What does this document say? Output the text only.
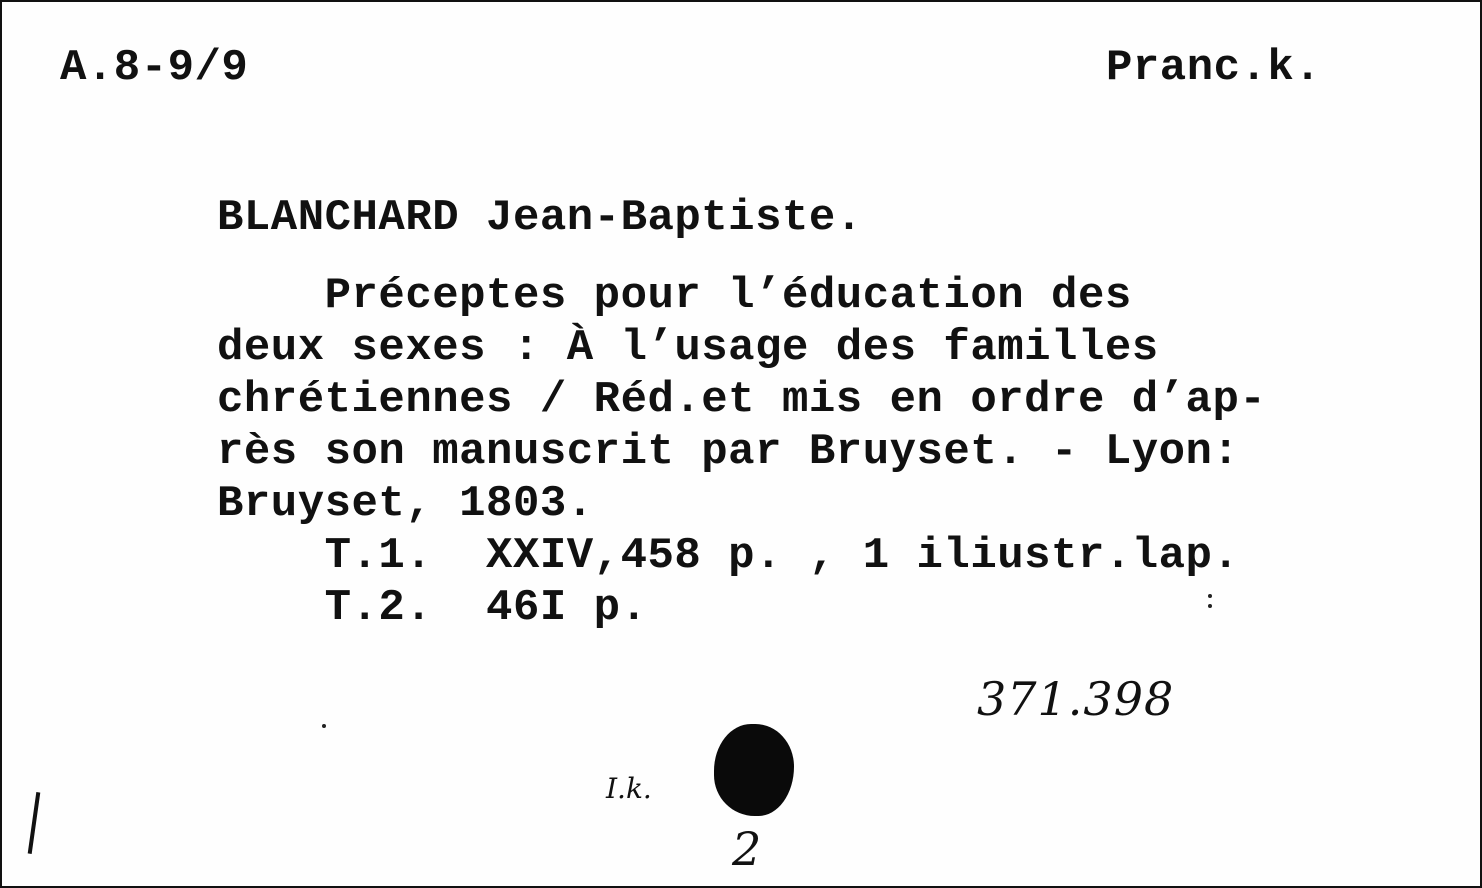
A.8-9/9	Pranc.k.
BLANCHARD Jean-Baptiste.
Préceptes pour l’éducation des
deux sexes : À l’usage des familles
chrétiennes / Réd.et mis en ordre d’ap-
rès son manuscrit par Bruyset. - Lyon:
Bruyset, 1803.
T.1.  XXIV,458 p. , 1 iliustr.lap.
T.2.  46I p.
371.398
I.k.
2
